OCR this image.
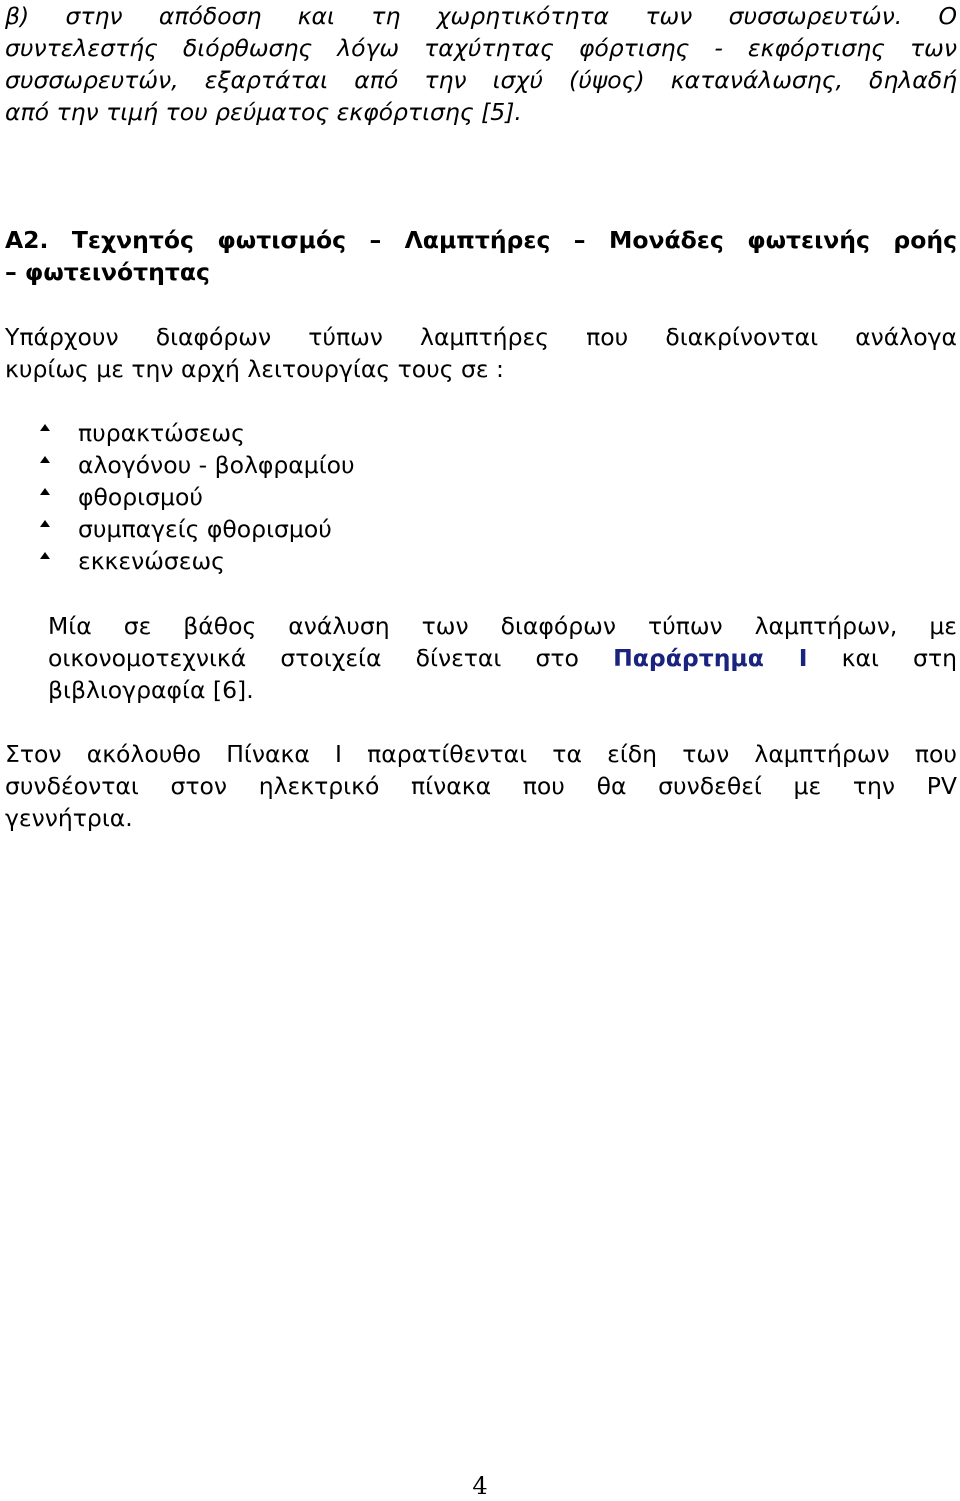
β) στην απόδοση και τη χωρητικότητα των συσσωρευτών. Ο
συντελεστής διόρθωσης λόγω ταχύτητας φόρτισης - εκφόρτισης των
συσσωρευτών, εξαρτάται από την ισχύ (ύψος) κατανάλωσης, δηλαδή
από την τιμή του ρεύματος εκφόρτισης [5].
A2. Τεχνητός φωτισμός – Λαμπτήρες – Μονάδες φωτεινής ροής
– φωτεινότητας
Υπάρχουν διαφόρων τύπων λαμπτήρες που διακρίνονται ανάλογα
κυρίως με την αρχή λειτουργίας τους σε :
πυρακτώσεως
αλογόνου - βολφραμίου
φθορισμού
συμπαγείς φθορισμού
εκκενώσεως
Μία σε βάθος ανάλυση των διαφόρων τύπων λαμπτήρων, με
οικονομοτεχνικά στοιχεία δίνεται στο Παράρτημα I και στη
βιβλιογραφία [6].
Στον ακόλουθο Πίνακα I παρατίθενται τα είδη των λαμπτήρων που
συνδέονται στον ηλεκτρικό πίνακα που θα συνδεθεί με την PV
γεννήτρια.
4
